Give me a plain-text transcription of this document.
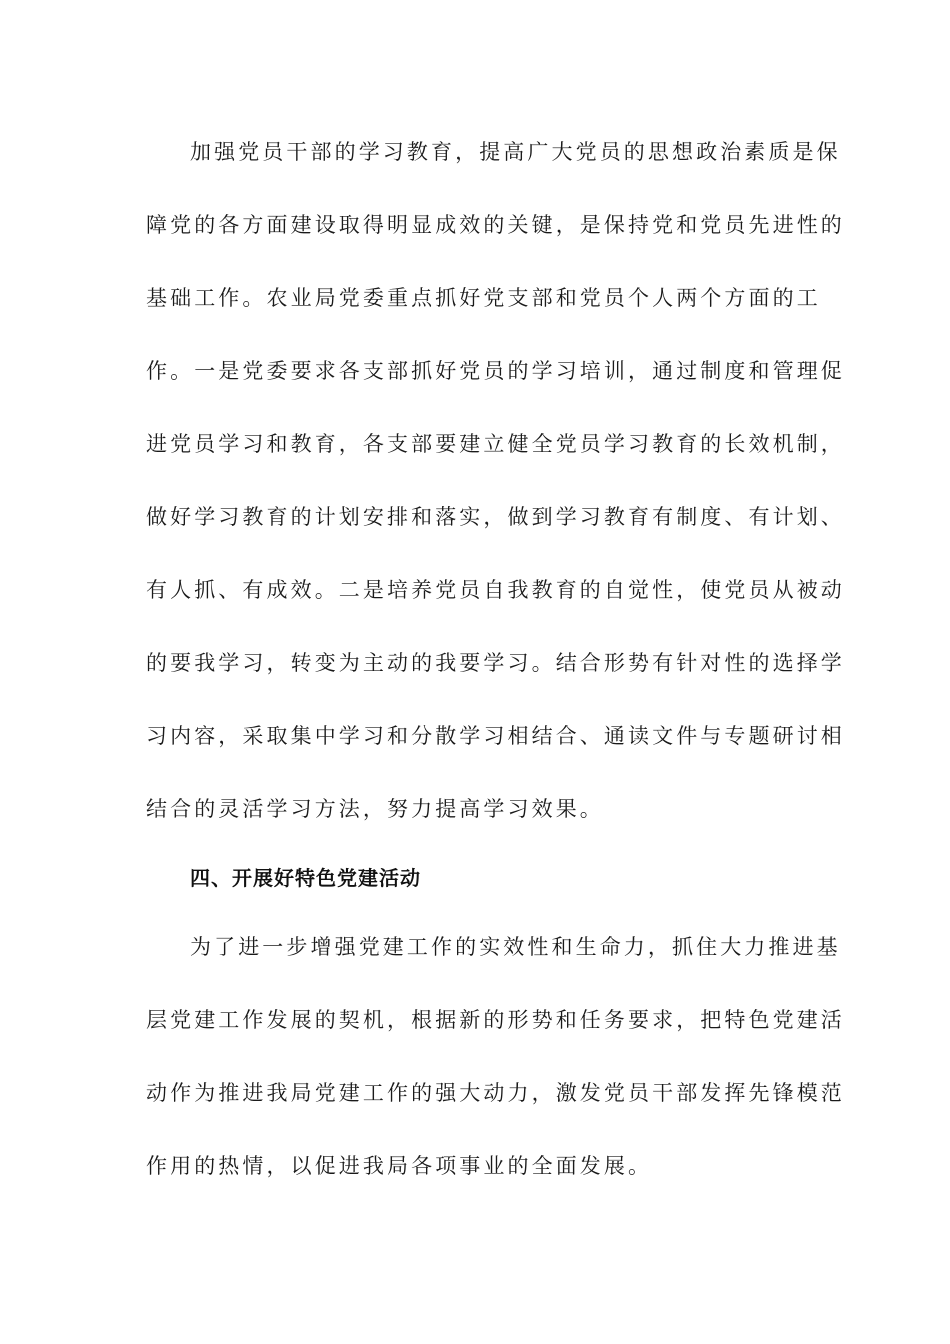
加强党员干部的学习教育，提高广大党员的思想政治素质是保
障党的各方面建设取得明显成效的关键，是保持党和党员先进性的
基础工作。农业局党委重点抓好党支部和党员个人两个方面的工
作。一是党委要求各支部抓好党员的学习培训，通过制度和管理促
进党员学习和教育，各支部要建立健全党员学习教育的长效机制，
做好学习教育的计划安排和落实，做到学习教育有制度、有计划、
有人抓、有成效。二是培养党员自我教育的自觉性，使党员从被动
的要我学习，转变为主动的我要学习。结合形势有针对性的选择学
习内容，采取集中学习和分散学习相结合、通读文件与专题研讨相
结合的灵活学习方法，努力提高学习效果。
四、开展好特色党建活动
为了进一步增强党建工作的实效性和生命力，抓住大力推进基
层党建工作发展的契机，根据新的形势和任务要求，把特色党建活
动作为推进我局党建工作的强大动力，激发党员干部发挥先锋模范
作用的热情，以促进我局各项事业的全面发展。
